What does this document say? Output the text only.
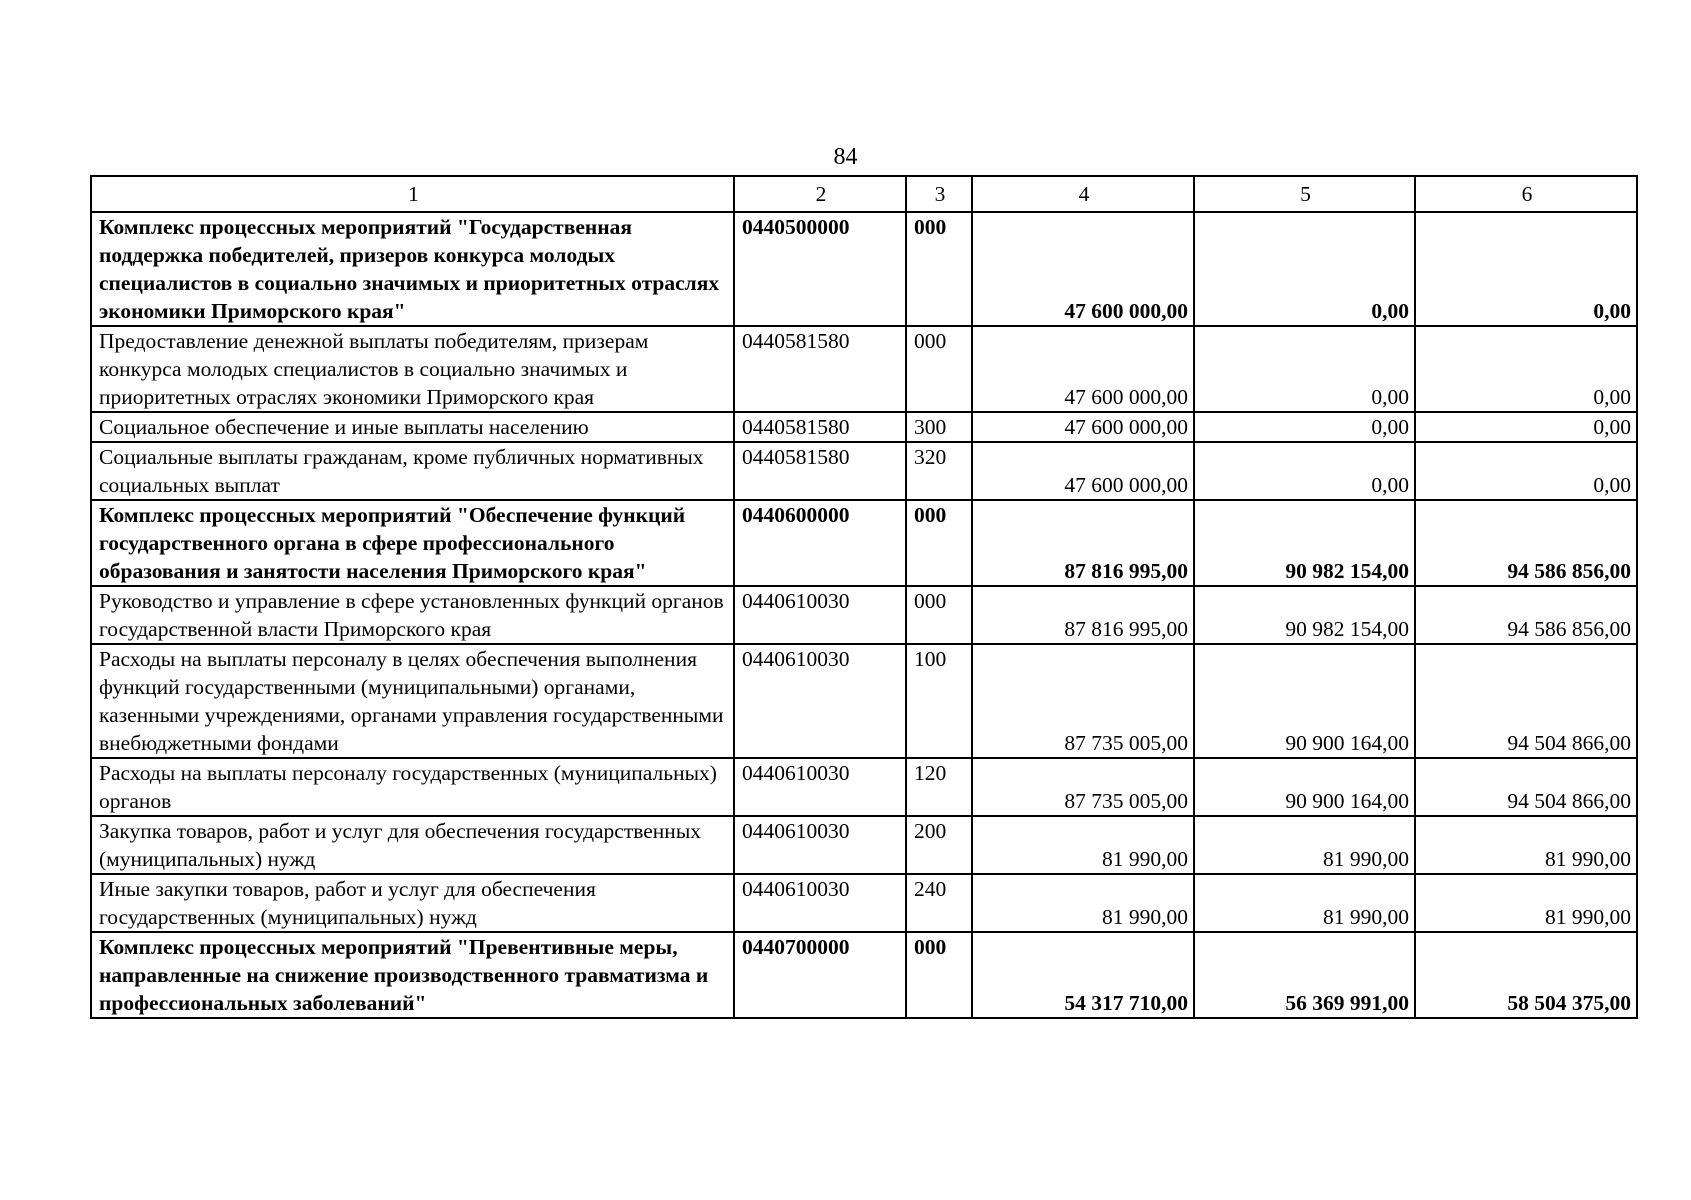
84
1	2	3	4	5	6
Комплекс процессных мероприятий "Государственная поддержка победителей, призеров конкурса молодых специалистов в социально значимых и приоритетных отраслях экономики Приморского края"	0440500000	000	47 600 000,00	0,00	0,00
Предоставление денежной выплаты победителям, призерам конкурса молодых специалистов в социально значимых и приоритетных отраслях экономики Приморского края	0440581580	000	47 600 000,00	0,00	0,00
Социальное обеспечение и иные выплаты населению	0440581580	300	47 600 000,00	0,00	0,00
Социальные выплаты гражданам, кроме публичных нормативных социальных выплат	0440581580	320	47 600 000,00	0,00	0,00
Комплекс процессных мероприятий "Обеспечение функций государственного органа в сфере профессионального образования и занятости населения Приморского края"	0440600000	000	87 816 995,00	90 982 154,00	94 586 856,00
Руководство и управление в сфере установленных функций органов государственной власти Приморского края	0440610030	000	87 816 995,00	90 982 154,00	94 586 856,00
Расходы на выплаты персоналу в целях обеспечения выполнения функций государственными (муниципальными) органами, казенными учреждениями, органами управления государственными внебюджетными фондами	0440610030	100	87 735 005,00	90 900 164,00	94 504 866,00
Расходы на выплаты персоналу государственных (муниципальных) органов	0440610030	120	87 735 005,00	90 900 164,00	94 504 866,00
Закупка товаров, работ и услуг для обеспечения государственных (муниципальных) нужд	0440610030	200	81 990,00	81 990,00	81 990,00
Иные закупки товаров, работ и услуг для обеспечения государственных (муниципальных) нужд	0440610030	240	81 990,00	81 990,00	81 990,00
Комплекс процессных мероприятий "Превентивные меры, направленные на снижение производственного травматизма и профессиональных заболеваний"	0440700000	000	54 317 710,00	56 369 991,00	58 504 375,00
